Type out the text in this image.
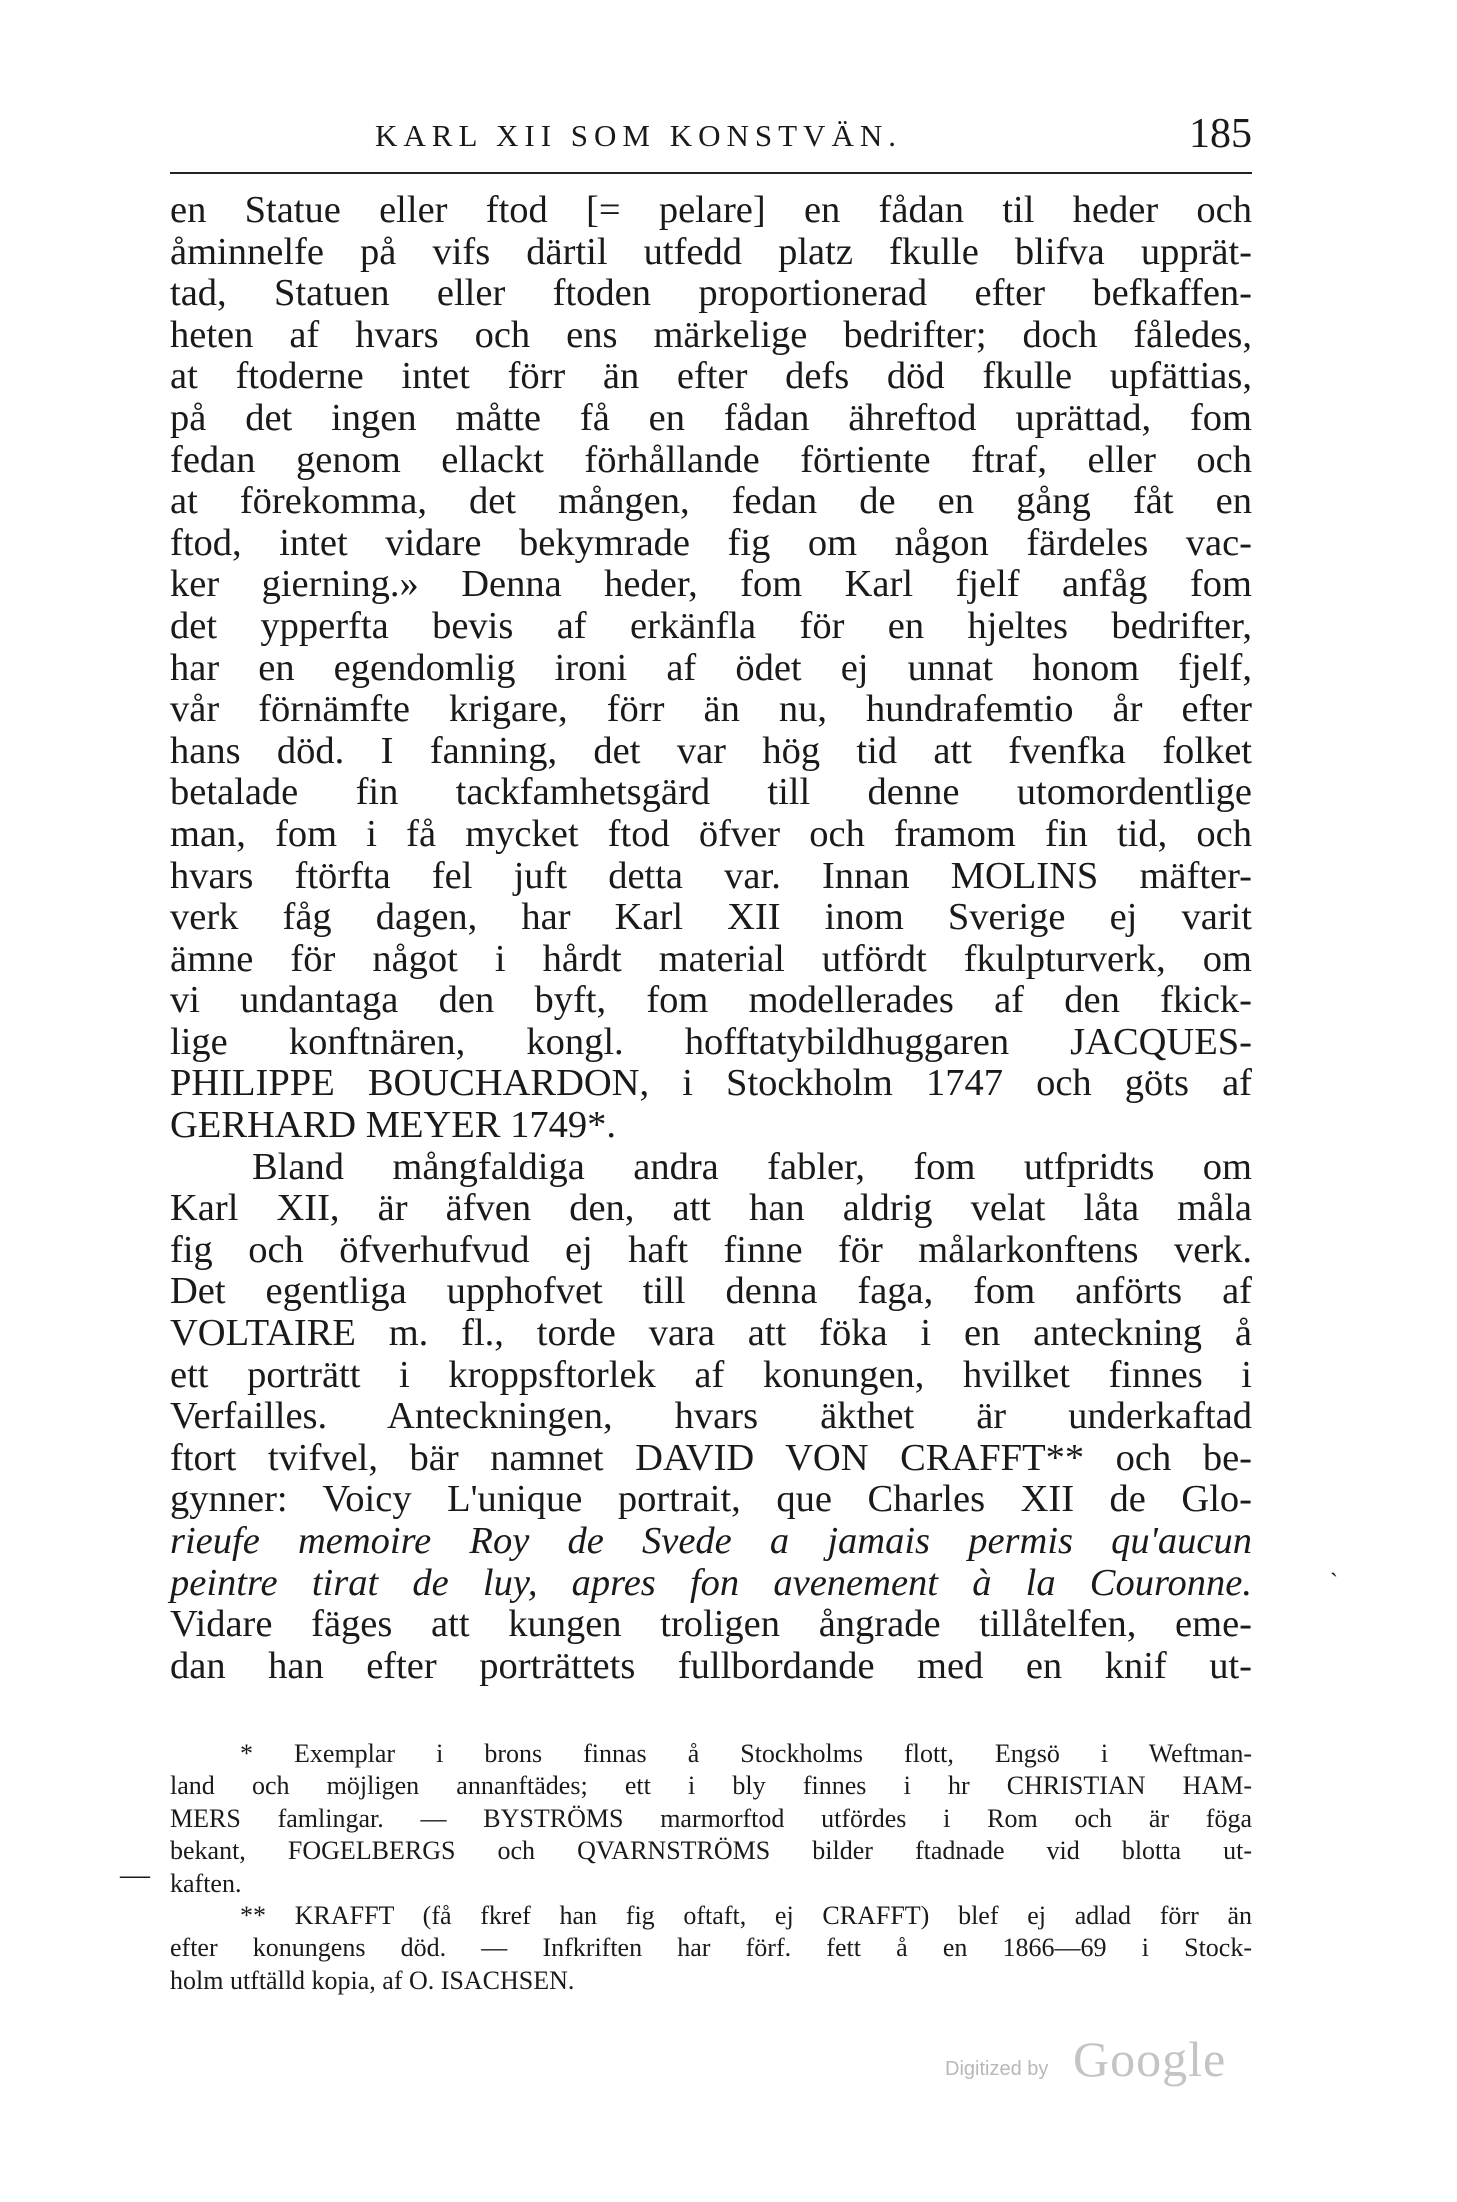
KARL XII SOM KONSTVÄN.	185
en Statue eller ftod [= pelare] en fådan til heder och
åminnelfe på vifs därtil utfedd platz fkulle blifva upprät-
tad, Statuen eller ftoden proportionerad efter befkaffen-
heten af hvars och ens märkelige bedrifter; doch fåledes,
at ftoderne intet förr än efter defs död fkulle upfättias,
på det ingen måtte få en fådan ähreftod uprättad, fom
fedan genom ellackt förhållande förtiente ftraf, eller och
at förekomma, det mången, fedan de en gång fåt en
ftod, intet vidare bekymrade fig om någon färdeles vac-
ker gierning.» Denna heder, fom Karl fjelf anfåg fom
det ypperfta bevis af erkänfla för en hjeltes bedrifter,
har en egendomlig ironi af ödet ej unnat honom fjelf,
vår förnämfte krigare, förr än nu, hundrafemtio år efter
hans död. I fanning, det var hög tid att fvenfka folket
betalade fin tackfamhetsgärd till denne utomordentlige
man, fom i få mycket ftod öfver och framom fin tid, och
hvars ftörfta fel juft detta var. Innan MOLINS mäfter-
verk fåg dagen, har Karl XII inom Sverige ej varit
ämne för något i hårdt material utfördt fkulpturverk, om
vi undantaga den byft, fom modellerades af den fkick-
lige konftnären, kongl. hofftatybildhuggaren JACQUES-
PHILIPPE BOUCHARDON, i Stockholm 1747 och göts af
GERHARD MEYER 1749*.
Bland mångfaldiga andra fabler, fom utfpridts om
Karl XII, är äfven den, att han aldrig velat låta måla
fig och öfverhufvud ej haft finne för målarkonftens verk.
Det egentliga upphofvet till denna faga, fom anförts af
VOLTAIRE m. fl., torde vara att föka i en anteckning å
ett porträtt i kroppsftorlek af konungen, hvilket finnes i
Verfailles. Anteckningen, hvars äkthet är underkaftad
ftort tvifvel, bär namnet DAVID VON CRAFFT** och be-
gynner: Voicy L'unique portrait, que Charles XII de Glo-
rieufe memoire Roy de Svede a jamais permis qu'aucun
peintre tirat de luy, apres fon avenement à la Couronne.
Vidare fäges att kungen troligen ångrade tillåtelfen, eme-
dan han efter porträttets fullbordande med en knif ut-
* Exemplar i brons finnas å Stockholms flott, Engsö i Weftman-
land och möjligen annanftädes; ett i bly finnes i hr CHRISTIAN HAM-
MERS famlingar. — BYSTRÖMS marmorftod utfördes i Rom och är föga
bekant, FOGELBERGS och QVARNSTRÖMS bilder ftadnade vid blotta ut-
kaften.
** KRAFFT (få fkref han fig oftaft, ej CRAFFT) blef ej adlad förr än
efter konungens död. — Infkriften har förf. fett å en 1866—69 i Stock-
holm utftälld kopia, af O. ISACHSEN.
—
`
Digitized by Google
